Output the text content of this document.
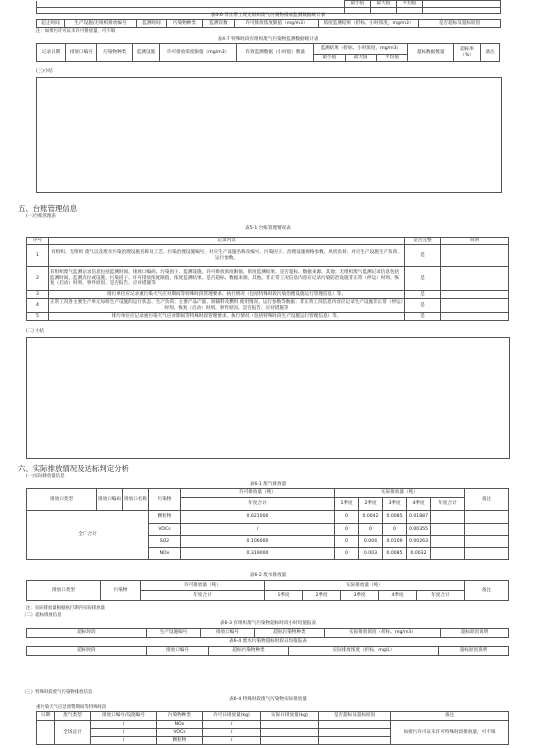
	最小值	最大值	平均值	

表4-6 非正常工况无组织废气污染物排放监测数据统计表
起止时间	生产设施/无组织排放编号	监测时间	污染物种类	监测次数	许可排放浓度限值（mg/m3）	浓度监测结果（折标，小时浓度，mg/m3）	是否超标及超标原因
注：如果污许可证未许可排放量，可不填
表4-7 特殊时段有组织废气污染物监测数据统计表
记录日期	排放口编号	污染物种类	监测设施	许可排放浓度限值（mg/m3）	有效监测数据（小时值）数量	监测结果（折标，小时浓度，mg/m3）			超标数据数量	超标率（%）	备注
						最小值	最大值	平均值			
(三)小结
五、台账管理信息
(一)台账管理表
表5-1 台账管理情况表
序号	记录内容	是否完整	说明
1	有组织、无组织 废气以及废水污染治理设施名称及工艺、污染治理设施编号、对应生产设施名称及编号、污染因子、治理设施规格参数、风机负荷、对应生产设施生产负荷、运行参数。	是	
2	有组织废气监测记录信息包括监测时间、排放口编码、污染因子、监测设施、许可排放浓度限值、浓度监测结果、是否超标、数据来源、其他；无组织废气监测记录信息包括监测时间、监测点位或设施、污染因子、许可排放浓度限值、浓度监测结果、是否超标、数据来源、其他。非正常工况信息内容应记录污染防治设施非正常（停运）时刻、恢复（启动）时刻、事件原因、是否报告、应对措施等	是	
3	排污单位应记录重污染天气应对期间等特殊时段管理要求、执行情况（包括特殊时段污染治理设施运行管理信息）等。	是	
4	正常工况各主要生产单元每班生产设施的运行状态、生产负荷、主要产品产量、原辅料及燃料 使用情况、运行参数等数据；非正常工况信息内容应记录生产设施非正常（停运）时刻、恢复（启动）时刻、事件原因、是否报告、应对措施等	是	
5	排污单位应记录重污染天气应对期间等特殊时段管理要求、执行情况（包括特殊时段生产设施运行管理信息）等。	是	
(二) 小结
六、实际排放情况及达标判定分析
(一)实际排放量信息
表6-1 废气排放量
排放口类型	排放口编码	排放口名称	污染物	许可排放量（吨）	实际排放量（吨）					备注
				年度合计	1季度	2季度	3季度	4季度	年度合计	
全厂合计			颗粒物	0.021000	0	0.0042	0.0085	0.01887		
			VOCs	/	0	0	0	0.00355		
			SO2	0.106000	0	0.004	0.0109	0.00263		
			NOx	0.319000	0	0.003	0.0085	0.0032		
表6-2 废水排放量
排放口类型	污染物	许可排放量（吨）	实际排放量（吨）					备注
		年度合计	1季度	2季度	3季度	4季度	年度合计	
注：实际排放量根据执行期内实际排放量
（二）超标排放信息
表6-3 有组织废气污染物超标时段小时均值报表
超标时段	生产设施编号	排放口编号	超标污染物种类	实际排放浓度（折标，mg/m3）	超标原因说明
表6-4 废水污染物超标时段日均值报表
超标时段	排放口编号	超标污染物种类	实际排放浓度（折标，mg/L）	超标原因说明
（三）特殊时段废气污染物排放信息
表6-4 特殊时段废气污染物实际排放量
重污染天气应急预警期间等特殊时段
日期	废气类型	排放口编号/设施编号	污染物种类	许可日排放量(kg)	实际日排放量(kg)	是否超标及超标原因	备注
	全场总计	/	NOx	/			如排污许可证未许可特殊时段排放量，可不填
		/	VOCs	/			
		/	颗粒物	/			
